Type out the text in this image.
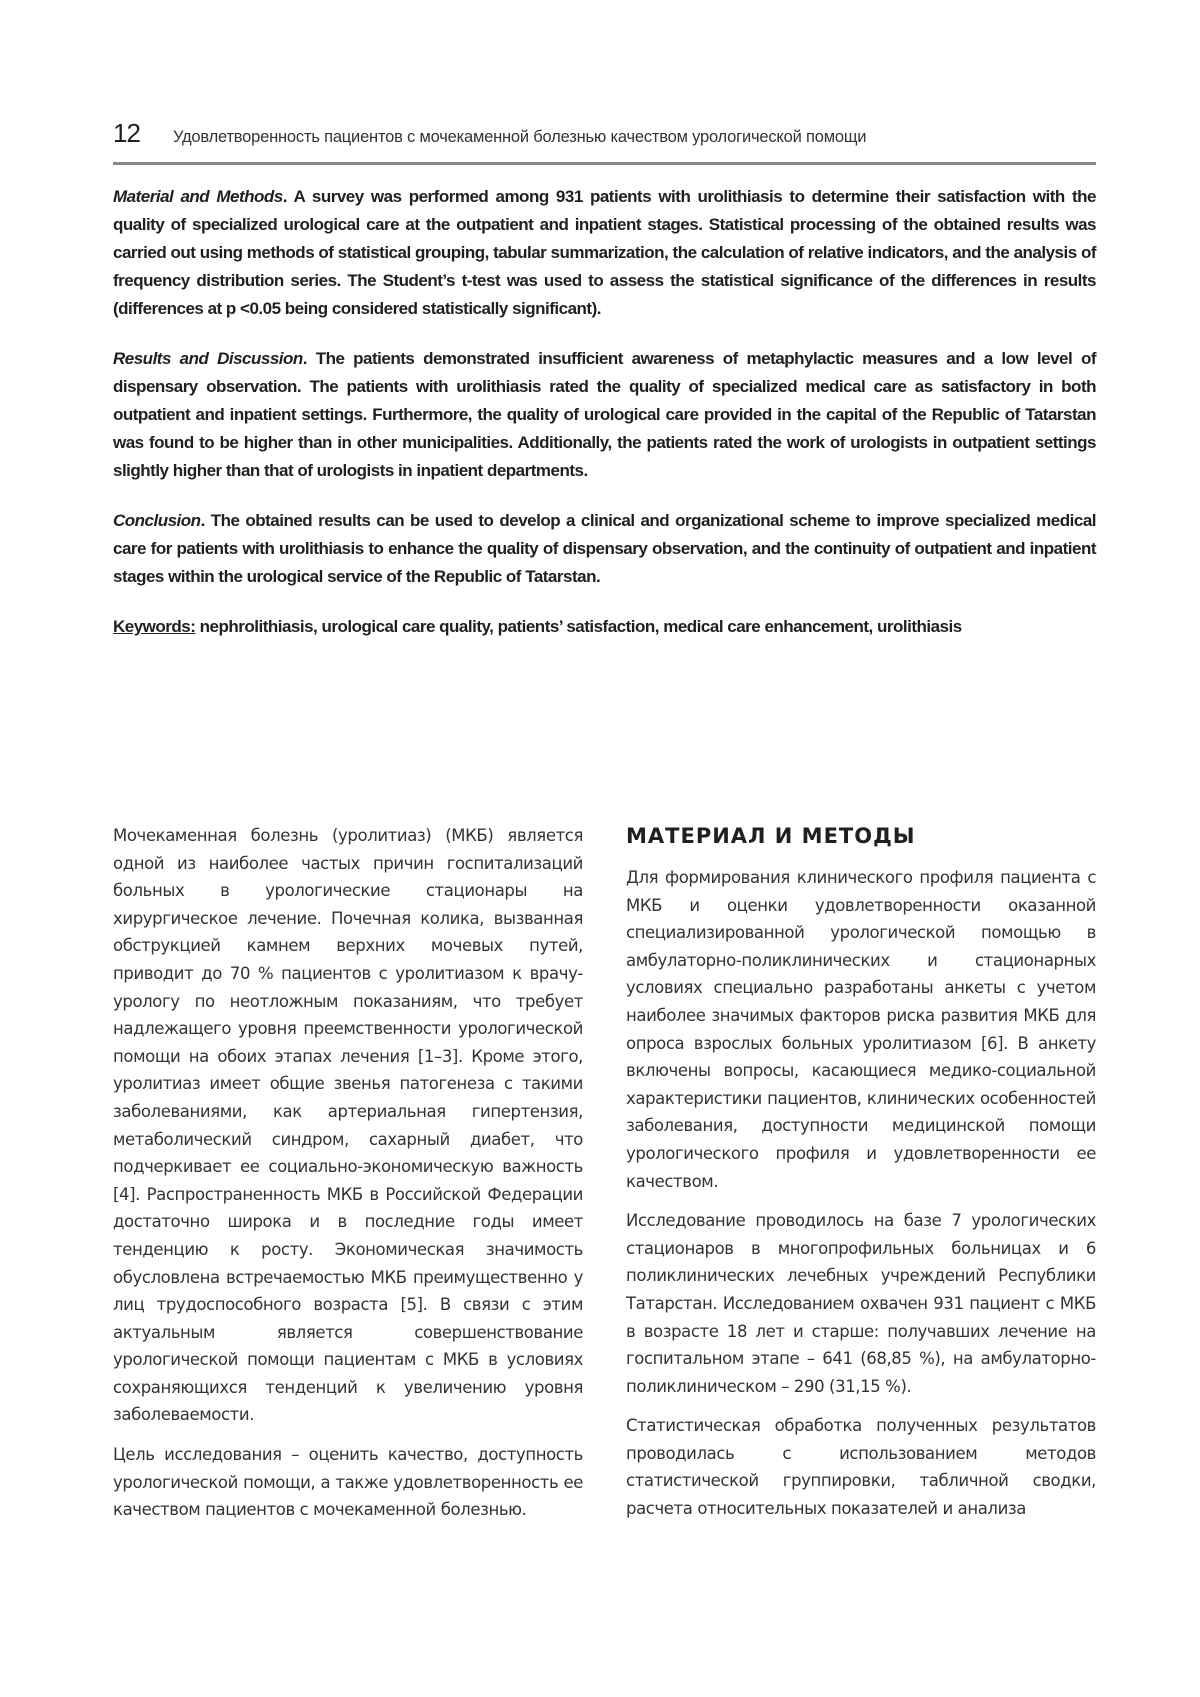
12	Удовлетворенность пациентов с мочекаменной болезнью качеством урологической помощи

Material and Methods. A survey was performed among 931 patients with urolithiasis to determine their satisfaction with the quality of specialized urological care at the outpatient and inpatient stages. Statistical processing of the obtained results was carried out using methods of statistical grouping, tabular summarization, the calculation of relative indicators, and the analysis of frequency distribution series. The Student’s t-test was used to assess the statistical significance of the differences in results (differences at p <0.05 being considered statistically significant).

Results and Discussion. The patients demonstrated insufficient awareness of metaphylactic measures and a low level of dispensary observation. The patients with urolithiasis rated the quality of specialized medical care as satisfactory in both outpatient and inpatient settings. Furthermore, the quality of urological care provided in the capital of the Republic of Tatarstan was found to be higher than in other municipalities. Additionally, the patients rated the work of urologists in outpatient settings slightly higher than that of urologists in inpatient departments.

Conclusion. The obtained results can be used to develop a clinical and organizational scheme to improve specialized medical care for patients with urolithiasis to enhance the quality of dispensary observation, and the continuity of outpatient and inpatient stages within the urological service of the Republic of Tatarstan.

Keywords: nephrolithiasis, urological care quality, patients’ satisfaction, medical care enhancement, urolithiasis

Мочекаменная болезнь (уролитиаз) (МКБ) является одной из наиболее частых причин госпитализаций больных в урологические стационары на хирургическое лечение. Почечная колика, вызванная обструкцией камнем верхних мочевых путей, приводит до 70 % пациентов с уролитиазом к врачу-урологу по неотложным показаниям, что требует надлежащего уровня преемственности урологической помощи на обоих этапах лечения [1–3]. Кроме этого, уролитиаз имеет общие звенья патогенеза с такими заболеваниями, как артериальная гипертензия, метаболический синдром, сахарный диабет, что подчеркивает ее социально-экономическую важность [4]. Распространенность МКБ в Российской Федерации достаточно широка и в последние годы имеет тенденцию к росту. Экономическая значимость обусловлена встречаемостью МКБ преимущественно у лиц трудоспособного возраста [5]. В связи с этим актуальным является совершенствование урологической помощи пациентам с МКБ в условиях сохраняющихся тенденций к увеличению уровня заболеваемости.

Цель исследования – оценить качество, доступность урологической помощи, а также удовлетворенность ее качеством пациентов с мочекаменной болезнью.

МАТЕРИАЛ И МЕТОДЫ

Для формирования клинического профиля пациента с МКБ и оценки удовлетворенности оказанной специализированной урологической помощью в амбулаторно-поликлинических и стационарных условиях специально разработаны анкеты с учетом наиболее значимых факторов риска развития МКБ для опроса взрослых больных уролитиазом [6]. В анкету включены вопросы, касающиеся медико-социальной характеристики пациентов, клинических особенностей заболевания, доступности медицинской помощи урологического профиля и удовлетворенности ее качеством.

Исследование проводилось на базе 7 урологических стационаров в многопрофильных больницах и 6 поликлинических лечебных учреждений Республики Татарстан. Исследованием охвачен 931 пациент с МКБ в возрасте 18 лет и старше: получавших лечение на госпитальном этапе – 641 (68,85 %), на амбулаторно-поликлиническом – 290 (31,15 %).

Статистическая обработка полученных результатов проводилась с использованием методов статистической группировки, табличной сводки, расчета относительных показателей и анализа
